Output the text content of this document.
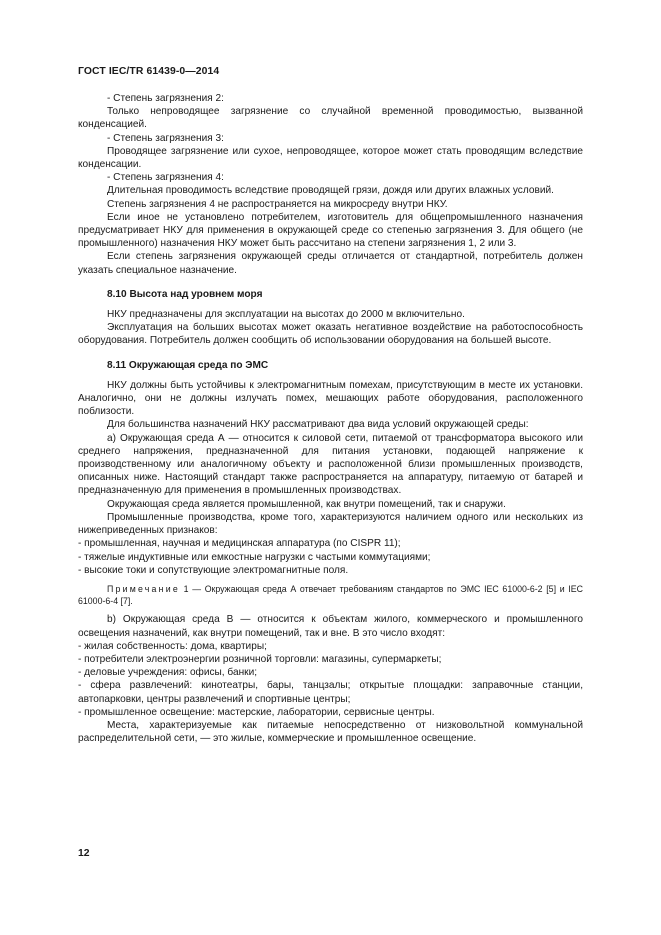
ГОСТ IEC/TR 61439-0—2014

- Степень загрязнения 2:

Только непроводящее загрязнение со случайной временной проводимостью, вызванной конденсацией.

- Степень загрязнения 3:

Проводящее загрязнение или сухое, непроводящее, которое может стать проводящим вследствие конденсации.

- Степень загрязнения 4:

Длительная проводимость вследствие проводящей грязи, дождя или других влажных условий.

Степень загрязнения 4 не распространяется на микросреду внутри НКУ.

Если иное не установлено потребителем, изготовитель для общепромышленного назначения предусматривает НКУ для применения в окружающей среде со степенью загрязнения 3. Для общего (не промышленного) назначения НКУ может быть рассчитано на степени загрязнения 1, 2 или 3.

Если степень загрязнения окружающей среды отличается от стандартной, потребитель должен указать специальное назначение.

8.10 Высота над уровнем моря

НКУ предназначены для эксплуатации на высотах до 2000 м включительно.

Эксплуатация на больших высотах может оказать негативное воздействие на работоспособность оборудования. Потребитель должен сообщить об использовании оборудования на большей высоте.

8.11 Окружающая среда по ЭМС

НКУ должны быть устойчивы к электромагнитным помехам, присутствующим в месте их установки. Аналогично, они не должны излучать помех, мешающих работе оборудования, расположенного поблизости.

Для большинства назначений НКУ рассматривают два вида условий окружающей среды:

а) Окружающая среда А — относится к силовой сети, питаемой от трансформатора высокого или среднего напряжения, предназначенной для питания установки, подающей напряжение к производственному или аналогичному объекту и расположенной близи промышленных производств, описанных ниже. Настоящий стандарт также распространяется на аппаратуру, питаемую от батарей и предназначенную для применения в промышленных производствах.

Окружающая среда является промышленной, как внутри помещений, так и снаружи.

Промышленные производства, кроме того, характеризуются наличием одного или нескольких из нижеприведенных признаков:

- промышленная, научная и медицинская аппаратура (по CISPR 11);

- тяжелые индуктивные или емкостные нагрузки с частыми коммутациями;

- высокие токи и сопутствующие электромагнитные поля.

Примечание 1 — Окружающая среда А отвечает требованиям стандартов по ЭМС IEC 61000-6-2 [5] и IEC 61000-6-4 [7].

b) Окружающая среда В — относится к объектам жилого, коммерческого и промышленного освещения назначений, как внутри помещений, так и вне. В это число входят:

- жилая собственность: дома, квартиры;

- потребители электроэнергии розничной торговли: магазины, супермаркеты;

- деловые учреждения: офисы, банки;

- сфера развлечений: кинотеатры, бары, танцзалы; открытые площадки: заправочные станции, автопарковки, центры развлечений и спортивные центры;

- промышленное освещение: мастерские, лаборатории, сервисные центры.

Места, характеризуемые как питаемые непосредственно от низковольтной коммунальной распределительной сети, — это жилые, коммерческие и промышленное освещение.

12
